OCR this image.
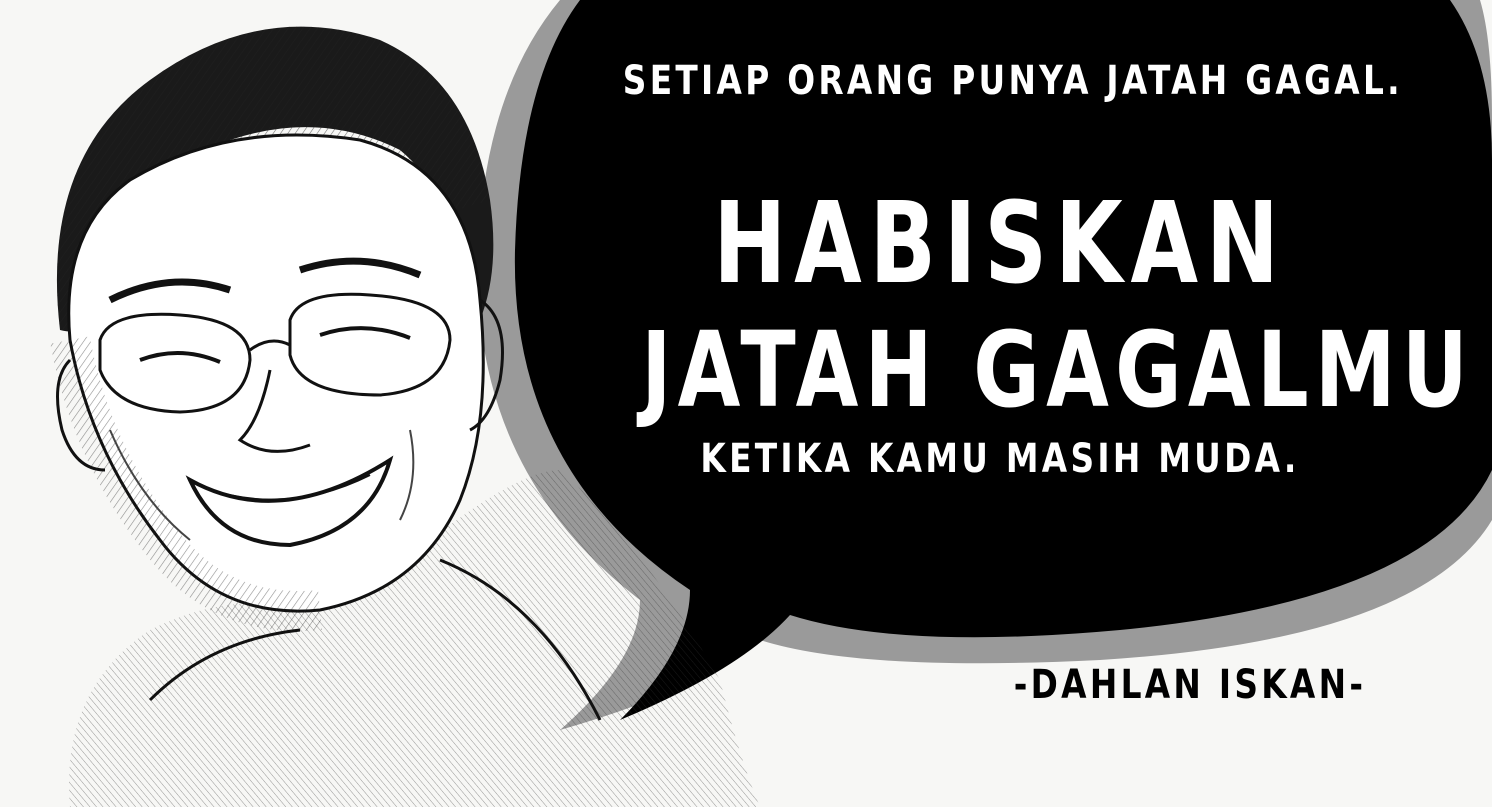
SETIAP ORANG PUNYA JATAH GAGAL.
HABISKAN
JATAH GAGALMU
KETIKA KAMU MASIH MUDA.
-DAHLAN ISKAN-
